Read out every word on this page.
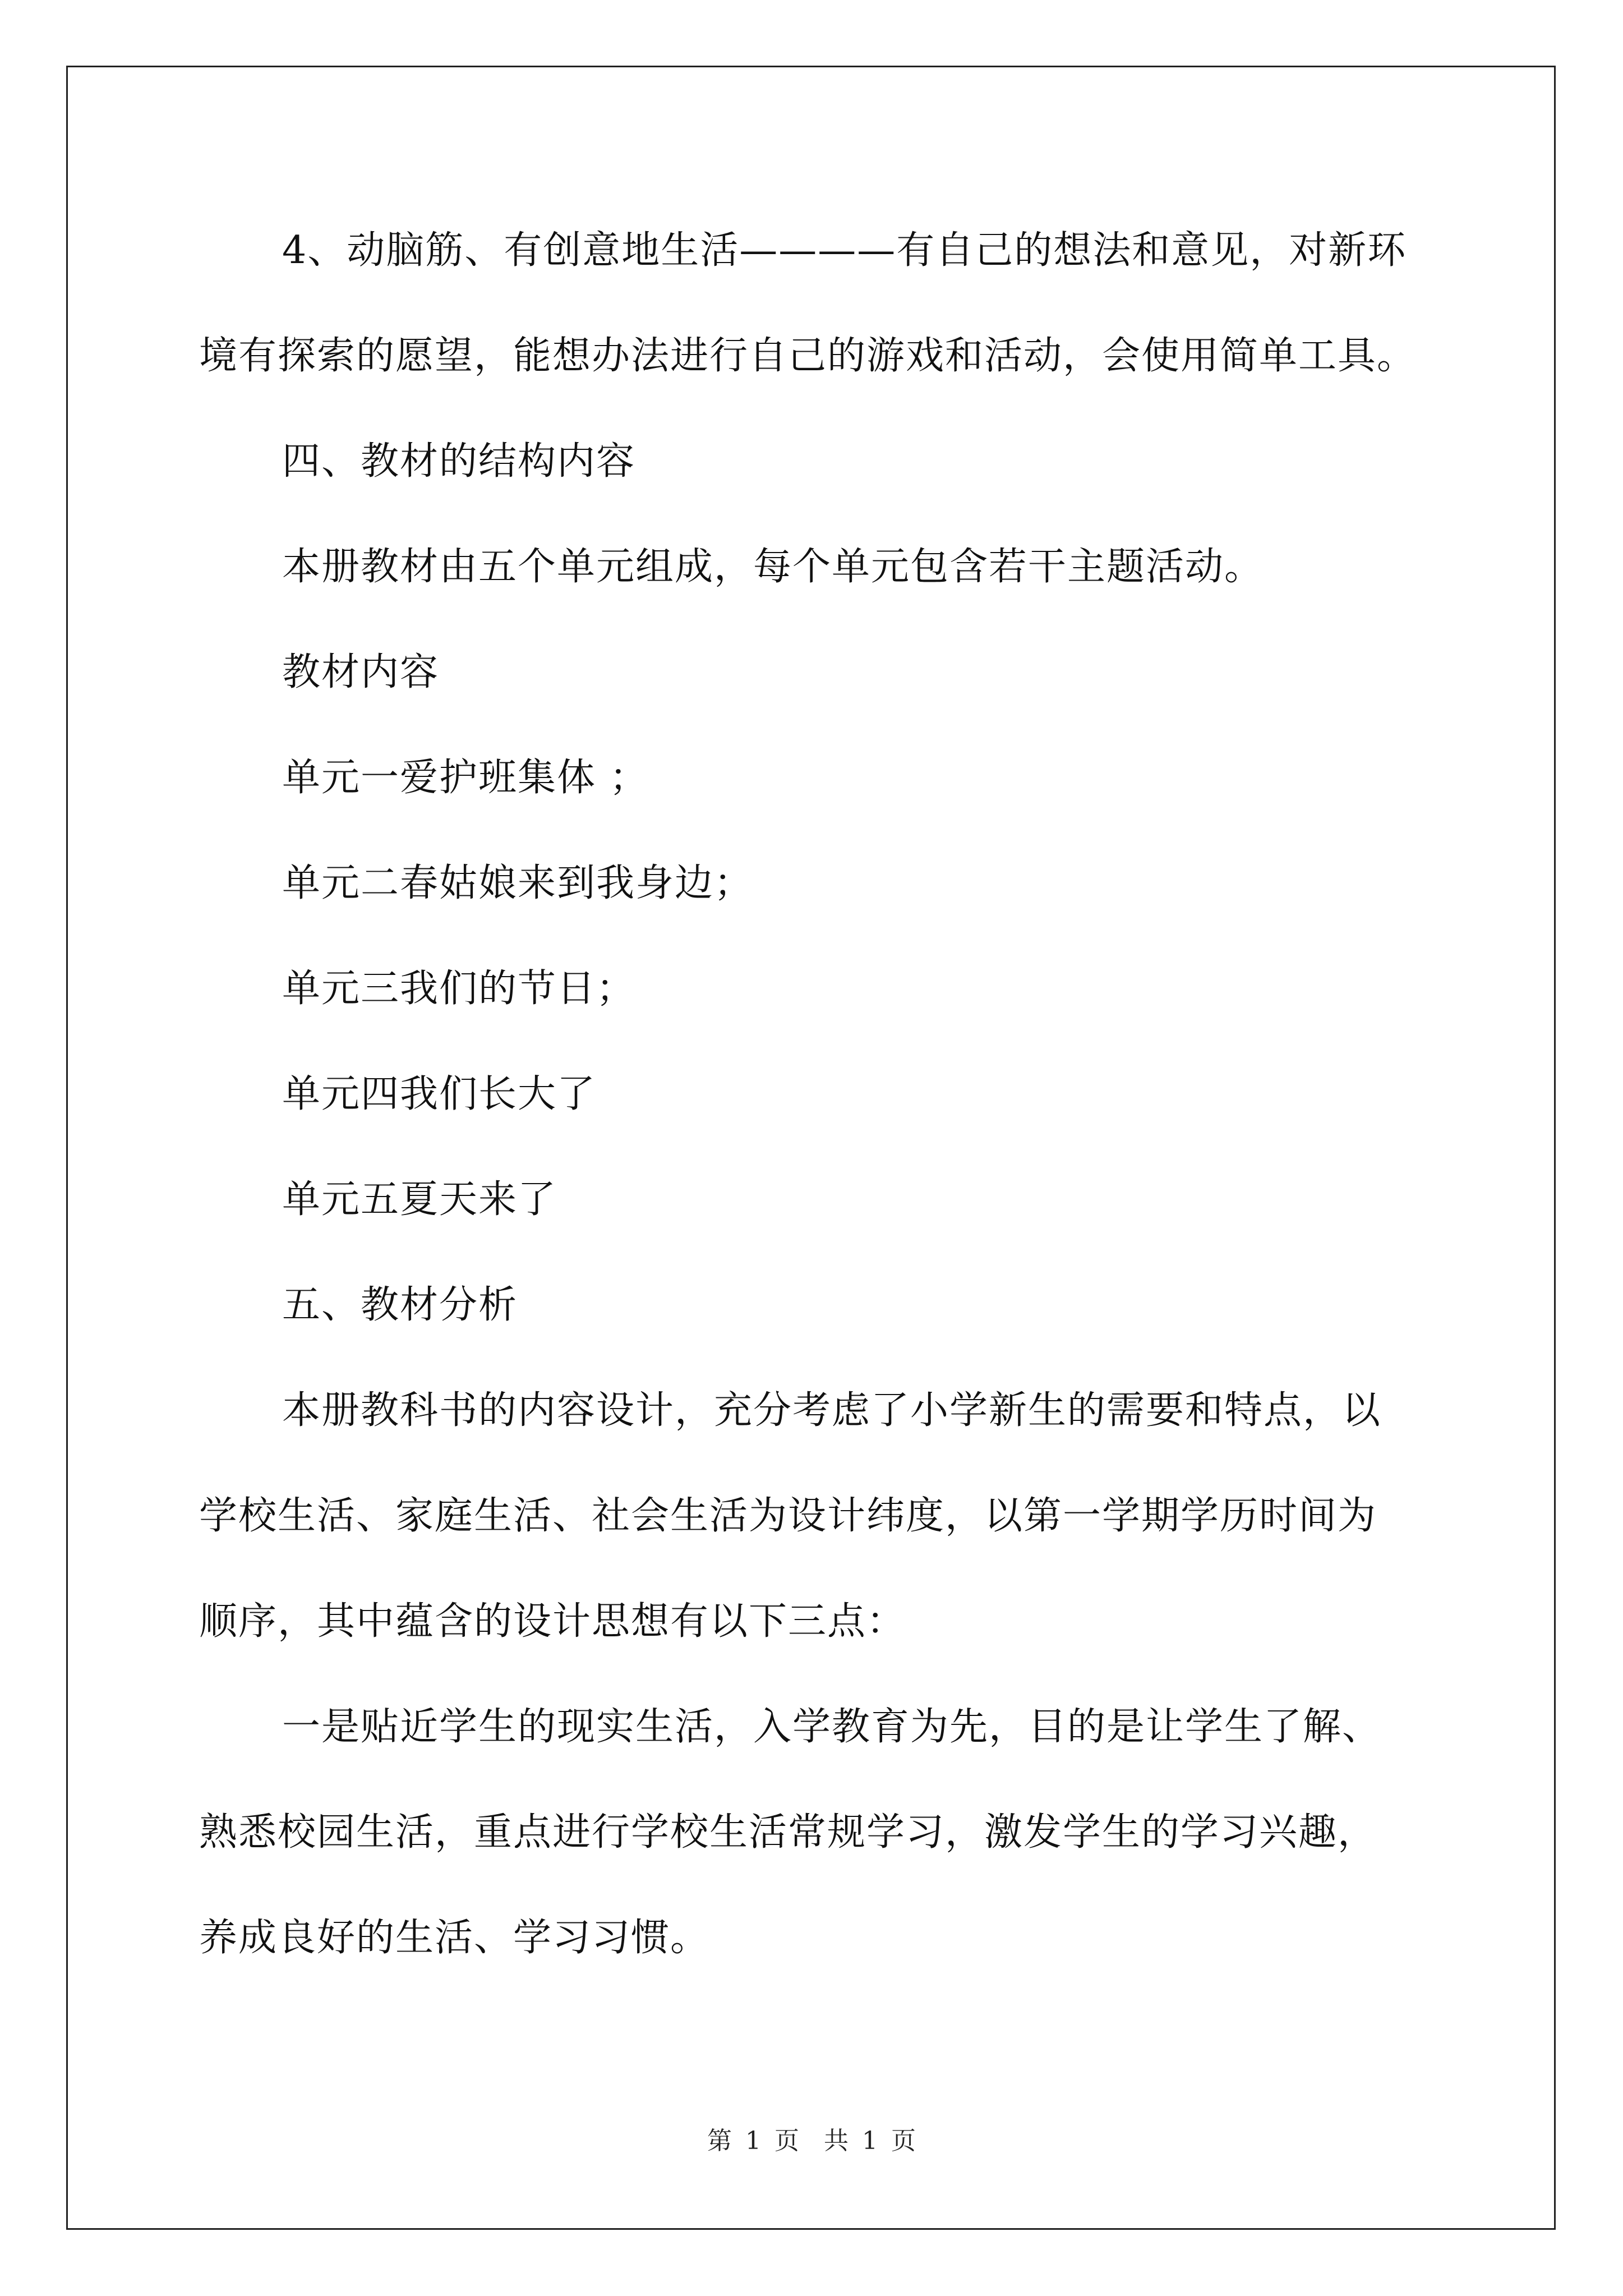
4、动脑筋、有创意地生活————有自己的想法和意见，对新环
境有探索的愿望，能想办法进行自己的游戏和活动，会使用简单工具。
四、教材的结构内容
本册教材由五个单元组成，每个单元包含若干主题活动。
教材内容
单元一爱护班集体 ；
单元二春姑娘来到我身边；
单元三我们的节日；
单元四我们长大了
单元五夏天来了
五、教材分析
本册教科书的内容设计，充分考虑了小学新生的需要和特点，以
学校生活、家庭生活、社会生活为设计纬度，以第一学期学历时间为
顺序，其中蕴含的设计思想有以下三点：
一是贴近学生的现实生活，入学教育为先，目的是让学生了解、
熟悉校园生活，重点进行学校生活常规学习，激发学生的学习兴趣，
养成良好的生活、学习习惯。
第 1 页　共 1 页
